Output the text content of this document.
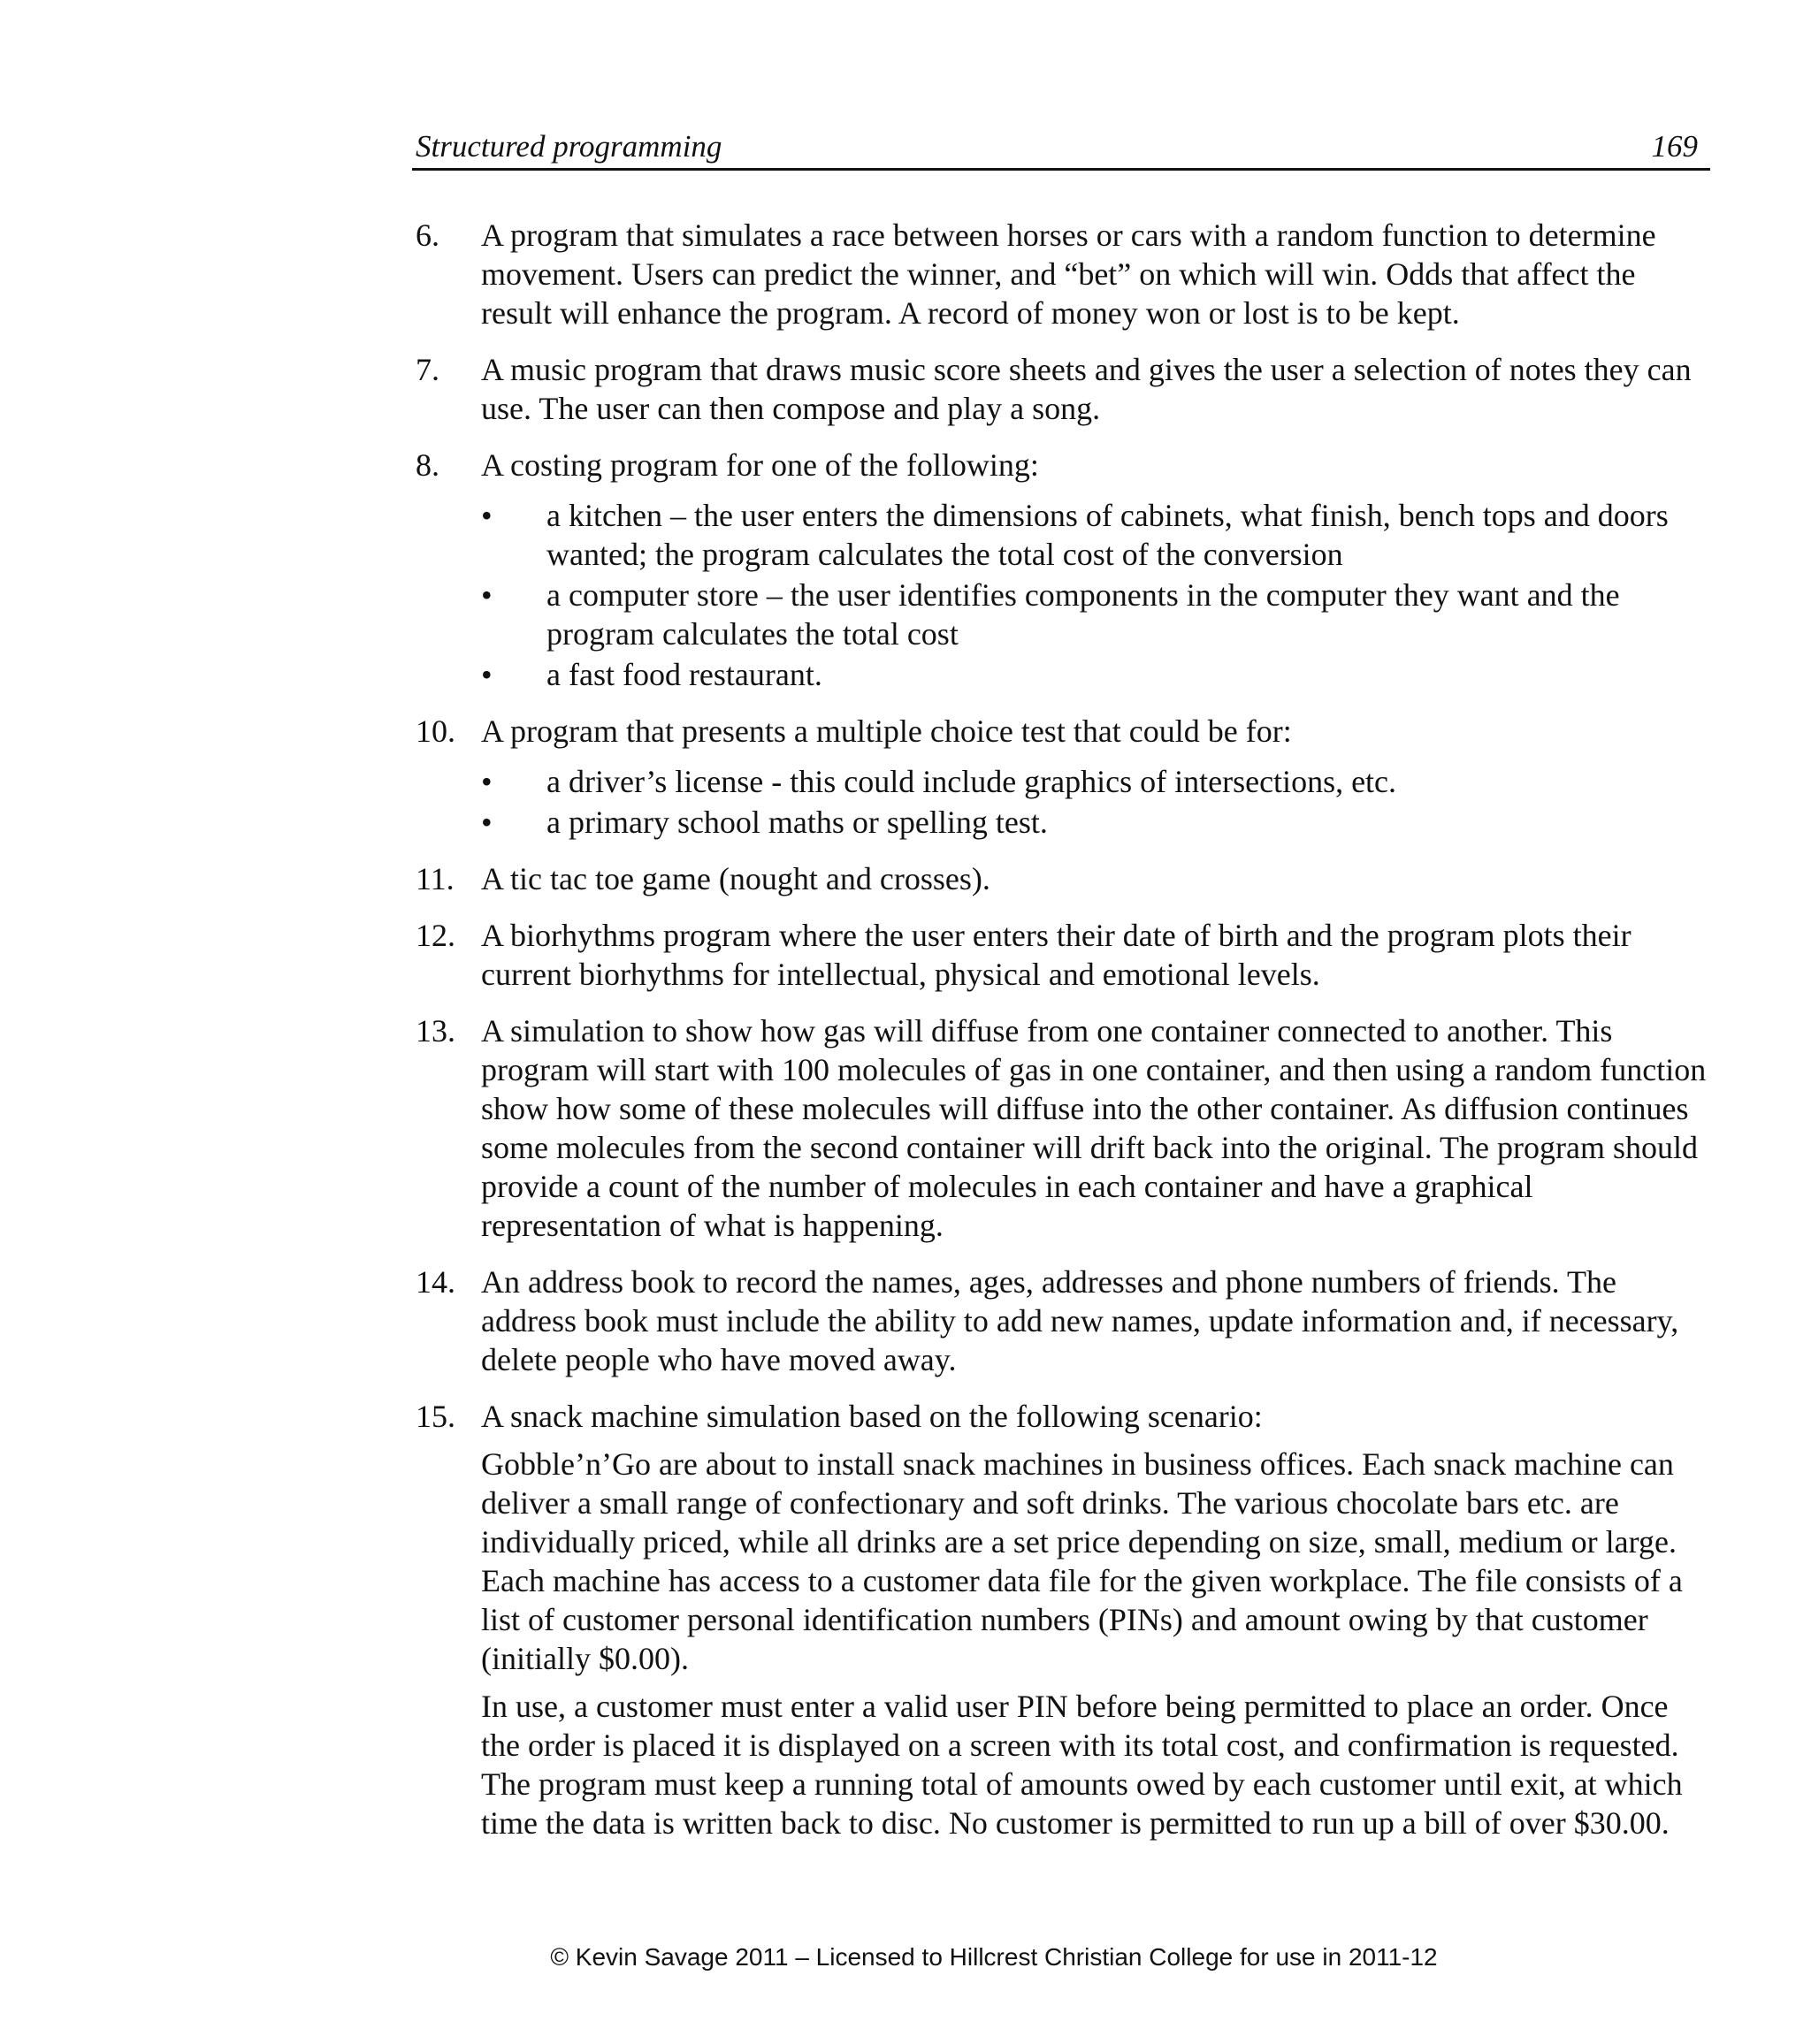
Structured programming	169
6. A program that simulates a race between horses or cars with a random function to determine movement. Users can predict the winner, and “bet” on which will win. Odds that affect the result will enhance the program. A record of money won or lost is to be kept.
7. A music program that draws music score sheets and gives the user a selection of notes they can use. The user can then compose and play a song.
8. A costing program for one of the following:
• a kitchen – the user enters the dimensions of cabinets, what finish, bench tops and doors wanted; the program calculates the total cost of the conversion
• a computer store – the user identifies components in the computer they want and the program calculates the total cost
• a fast food restaurant.
10. A program that presents a multiple choice test that could be for:
• a driver’s license - this could include graphics of intersections, etc.
• a primary school maths or spelling test.
11. A tic tac toe game (nought and crosses).
12. A biorhythms program where the user enters their date of birth and the program plots their current biorhythms for intellectual, physical and emotional levels.
13. A simulation to show how gas will diffuse from one container connected to another. This program will start with 100 molecules of gas in one container, and then using a random function show how some of these molecules will diffuse into the other container. As diffusion continues some molecules from the second container will drift back into the original. The program should provide a count of the number of molecules in each container and have a graphical representation of what is happening.
14. An address book to record the names, ages, addresses and phone numbers of friends. The address book must include the ability to add new names, update information and, if necessary, delete people who have moved away.
15. A snack machine simulation based on the following scenario:
Gobble’n’Go are about to install snack machines in business offices. Each snack machine can deliver a small range of confectionary and soft drinks. The various chocolate bars etc. are individually priced, while all drinks are a set price depending on size, small, medium or large. Each machine has access to a customer data file for the given workplace. The file consists of a list of customer personal identification numbers (PINs) and amount owing by that customer (initially $0.00).
In use, a customer must enter a valid user PIN before being permitted to place an order. Once the order is placed it is displayed on a screen with its total cost, and confirmation is requested. The program must keep a running total of amounts owed by each customer until exit, at which time the data is written back to disc. No customer is permitted to run up a bill of over $30.00.
© Kevin Savage 2011 – Licensed to Hillcrest Christian College for use in 2011-12
